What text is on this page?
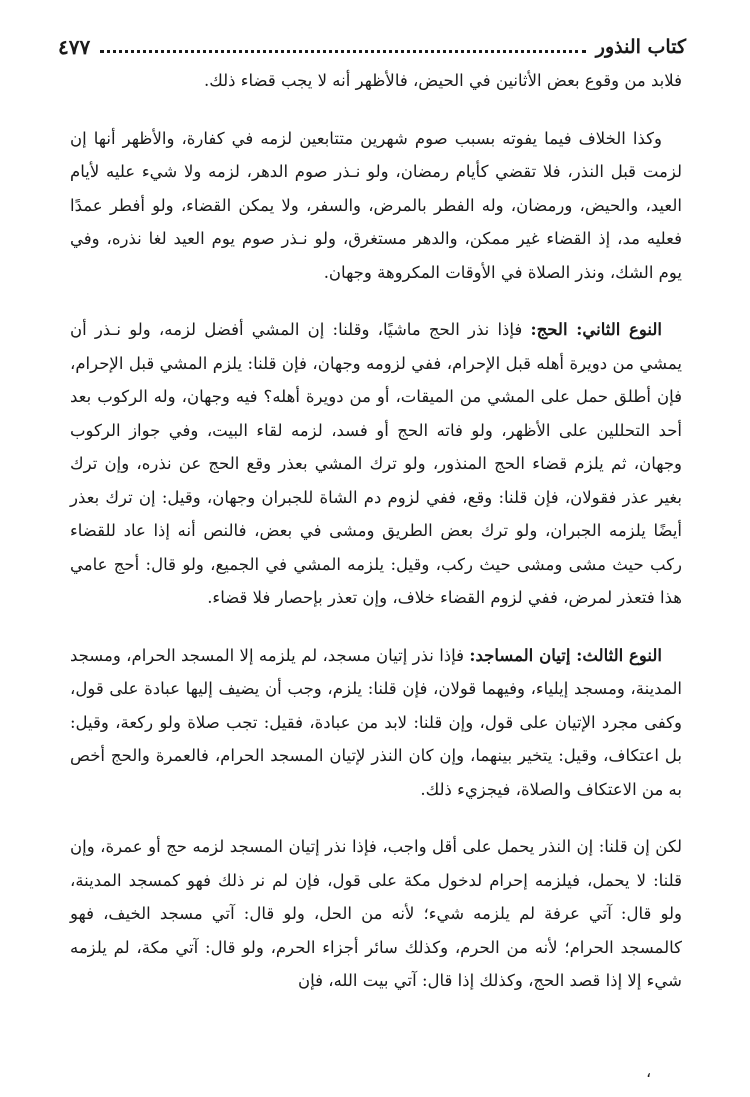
كتاب النذور
٤٧٧

فلابد من وقوع بعض الأثانين في الحيض، فالأظهر أنه لا يجب قضاء ذلك.

وكذا الخلاف فيما يفوته بسبب صوم شهرين متتابعين لزمه في كفارة، والأظهر أنها إن لزمت قبل النذر، فلا تقضي كأيام رمضان، ولو نـذر صوم الدهر، لزمه ولا شيء عليه لأيام العيد، والحيض، ورمضان، وله الفطر بالمرض، والسفر، ولا يمكن القضاء، ولو أفطر عمدًا فعليه مد، إذ القضاء غير ممكن، والدهر مستغرق، ولو نـذر صوم يوم العيد لغا نذره، وفي يوم الشك، ونذر الصلاة في الأوقات المكروهة وجهان.

النوع الثاني: الحج: فإذا نذر الحج ماشيًا، وقلنا: إن المشي أفضل لزمه، ولو نـذر أن يمشي من دويرة أهله قبل الإحرام، ففي لزومه وجهان، فإن قلنا: يلزم المشي قبل الإحرام، فإن أطلق حمل على المشي من الميقات، أو من دويرة أهله؟ فيه وجهان، وله الركوب بعد أحد التحللين على الأظهر، ولو فاته الحج أو فسد، لزمه لقاء البيت، وفي جواز الركوب وجهان، ثم يلزم قضاء الحج المنذور، ولو ترك المشي بعذر وقع الحج عن نذره، وإن ترك بغير عذر فقولان، فإن قلنا: وقع، ففي لزوم دم الشاة للجبران وجهان، وقيل: إن ترك بعذر أيضًا يلزمه الجبران، ولو ترك بعض الطريق ومشى في بعض، فالنص أنه إذا عاد للقضاء ركب حيث مشى ومشى حيث ركب، وقيل: يلزمه المشي في الجميع، ولو قال: أحج عامي هذا فتعذر لمرض، ففي لزوم القضاء خلاف، وإن تعذر بإحصار فلا قضاء.

النوع الثالث: إتيان المساجد: فإذا نذر إتيان مسجد، لم يلزمه إلا المسجد الحرام، ومسجد المدينة، ومسجد إيلياء، وفيهما قولان، فإن قلنا: يلزم، وجب أن يضيف إليها عبادة على قول، وكفى مجرد الإتيان على قول، وإن قلنا: لابد من عبادة، فقيل: تجب صلاة ولو ركعة، وقيل: بل اعتكاف، وقيل: يتخير بينهما، وإن كان النذر لإتيان المسجد الحرام، فالعمرة والحج أخص به من الاعتكاف والصلاة، فيجزيء ذلك.

لكن إن قلنا: إن النذر يحمل على أقل واجب، فإذا نذر إتيان المسجد لزمه حج أو عمرة، وإن قلنا: لا يحمل، فيلزمه إحرام لدخول مكة على قول، فإن لم نر ذلك فهو كمسجد المدينة، ولو قال: آتي عرفة لم يلزمه شيء؛ لأنه من الحل، ولو قال: آتي مسجد الخيف، فهو كالمسجد الحرام؛ لأنه من الحرم، وكذلك سائر أجزاء الحرم، ولو قال: آتي مكة، لم يلزمه شيء إلا إذا قصد الحج، وكذلك إذا قال: آتي بيت الله، فإن

،
